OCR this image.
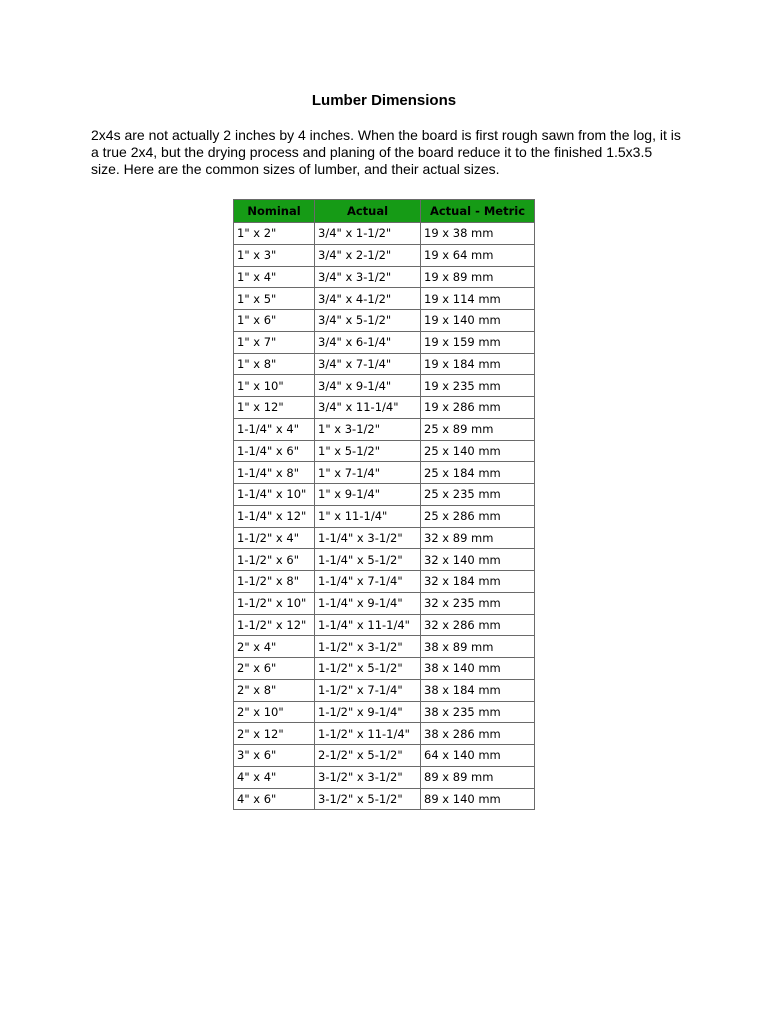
Lumber Dimensions

2x4s are not actually 2 inches by 4 inches. When the board is first rough sawn from the log, it is a true 2x4, but the drying process and planing of the board reduce it to the finished 1.5x3.5 size. Here are the common sizes of lumber, and their actual sizes.

Nominal	Actual	Actual - Metric
1" x 2"	3/4" x 1-1/2"	19 x 38 mm
1" x 3"	3/4" x 2-1/2"	19 x 64 mm
1" x 4"	3/4" x 3-1/2"	19 x 89 mm
1" x 5"	3/4" x 4-1/2"	19 x 114 mm
1" x 6"	3/4" x 5-1/2"	19 x 140 mm
1" x 7"	3/4" x 6-1/4"	19 x 159 mm
1" x 8"	3/4" x 7-1/4"	19 x 184 mm
1" x 10"	3/4" x 9-1/4"	19 x 235 mm
1" x 12"	3/4" x 11-1/4"	19 x 286 mm
1-1/4" x 4"	1" x 3-1/2"	25 x 89 mm
1-1/4" x 6"	1" x 5-1/2"	25 x 140 mm
1-1/4" x 8"	1" x 7-1/4"	25 x 184 mm
1-1/4" x 10"	1" x 9-1/4"	25 x 235 mm
1-1/4" x 12"	1" x 11-1/4"	25 x 286 mm
1-1/2" x 4"	1-1/4" x 3-1/2"	32 x 89 mm
1-1/2" x 6"	1-1/4" x 5-1/2"	32 x 140 mm
1-1/2" x 8"	1-1/4" x 7-1/4"	32 x 184 mm
1-1/2" x 10"	1-1/4" x 9-1/4"	32 x 235 mm
1-1/2" x 12"	1-1/4" x 11-1/4"	32 x 286 mm
2" x 4"	1-1/2" x 3-1/2"	38 x 89 mm
2" x 6"	1-1/2" x 5-1/2"	38 x 140 mm
2" x 8"	1-1/2" x 7-1/4"	38 x 184 mm
2" x 10"	1-1/2" x 9-1/4"	38 x 235 mm
2" x 12"	1-1/2" x 11-1/4"	38 x 286 mm
3" x 6"	2-1/2" x 5-1/2"	64 x 140 mm
4" x 4"	3-1/2" x 3-1/2"	89 x 89 mm
4" x 6"	3-1/2" x 5-1/2"	89 x 140 mm
